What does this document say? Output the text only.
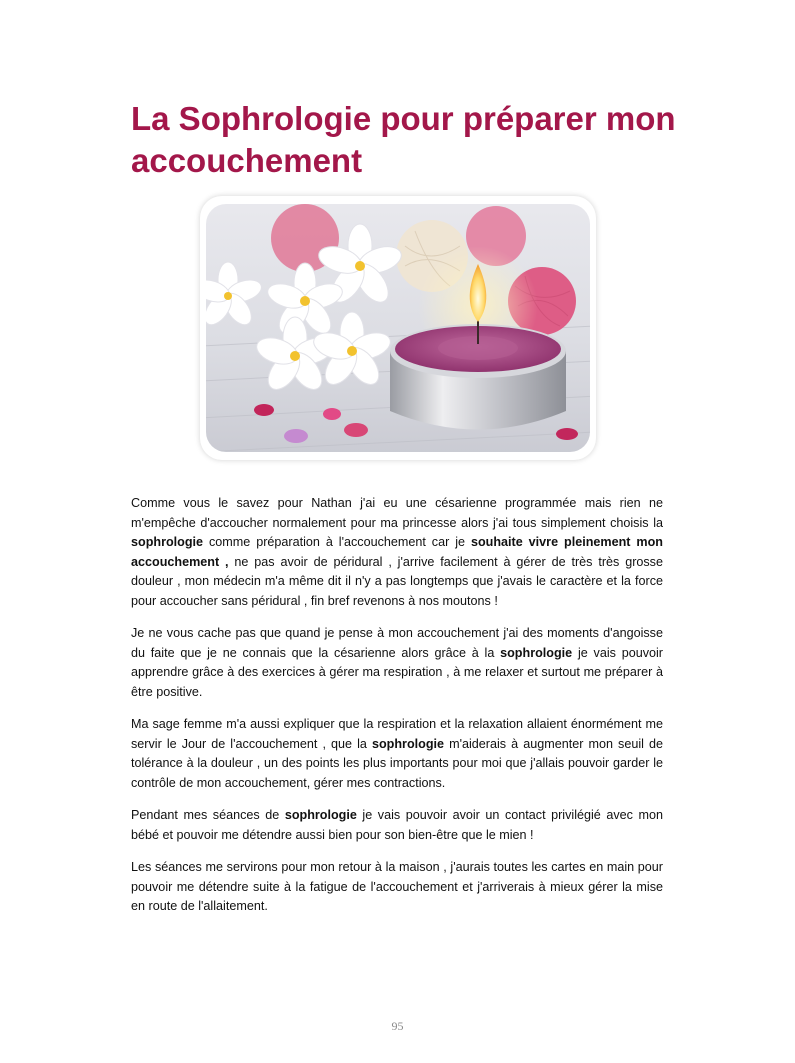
La Sophrologie pour préparer mon accouchement

Comme vous le savez pour Nathan j'ai eu une césarienne programmée mais rien ne m'empêche d'accoucher normalement pour ma princesse alors j'ai tous simplement choisis la sophrologie comme préparation à l'accouchement car je souhaite vivre pleinement mon accouchement , ne pas avoir de péridural , j'arrive facilement à gérer de très très grosse douleur , mon médecin m'a même dit il n'y a pas longtemps que j'avais le caractère et la force pour accoucher sans péridural , fin bref revenons à nos moutons !

Je ne vous cache pas que quand je pense à mon accouchement j'ai des moments d'angoisse du faite que je ne connais que la césarienne alors grâce à la sophrologie je vais pouvoir apprendre grâce à des exercices à gérer ma respiration , à me relaxer et surtout me préparer à être positive.

Ma sage femme m'a aussi expliquer que la respiration et la relaxation allaient énormément me servir le Jour de l'accouchement , que la sophrologie m'aiderais à augmenter mon seuil de tolérance à la douleur , un des points les plus importants pour moi que j'allais pouvoir garder le contrôle de mon accouchement, gérer mes contractions.

Pendant mes séances de sophrologie je vais pouvoir avoir un contact privilégié avec mon bébé et pouvoir me détendre aussi bien pour son bien-être que le mien !

Les séances me servirons pour mon retour à la maison , j'aurais toutes les cartes en main pour pouvoir me détendre suite à la fatigue de l'accouchement et j'arriverais à mieux gérer la mise en route de l'allaitement.

95
